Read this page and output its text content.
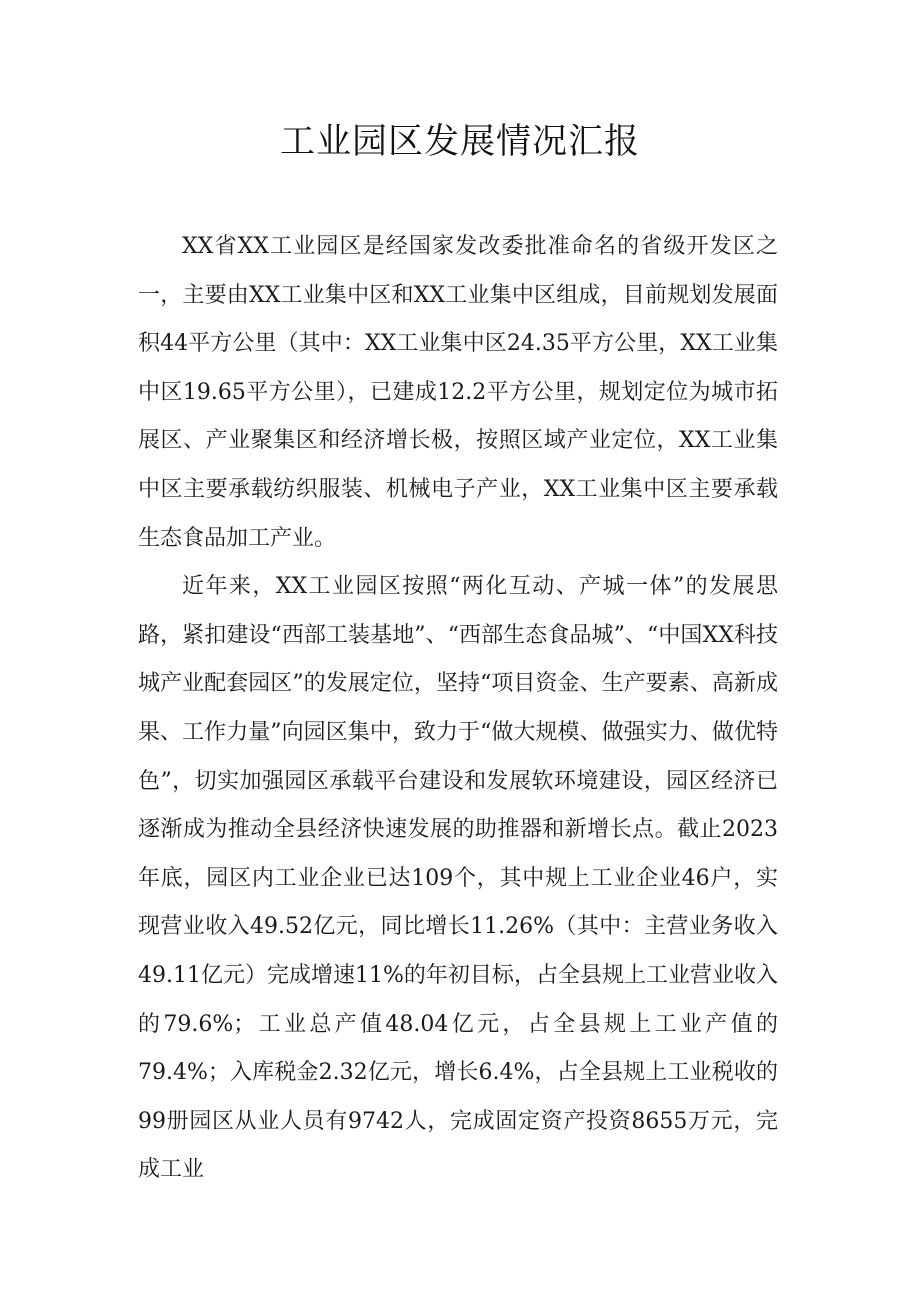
工业园区发展情况汇报

XX省XX工业园区是经国家发改委批准命名的省级开发区之一，主要由XX工业集中区和XX工业集中区组成，目前规划发展面积44平方公里（其中：XX工业集中区24.35平方公里，XX工业集中区19.65平方公里），已建成12.2平方公里，规划定位为城市拓展区、产业聚集区和经济增长极，按照区域产业定位，XX工业集中区主要承载纺织服装、机械电子产业，XX工业集中区主要承载生态食品加工产业。

近年来，XX工业园区按照“两化互动、产城一体”的发展思路，紧扣建设“西部工装基地”、“西部生态食品城”、“中国XX科技城产业配套园区”的发展定位，坚持“项目资金、生产要素、高新成果、工作力量”向园区集中，致力于“做大规模、做强实力、做优特色”，切实加强园区承载平台建设和发展软环境建设，园区经济已逐渐成为推动全县经济快速发展的助推器和新增长点。截止2023年底，园区内工业企业已达109个，其中规上工业企业46户，实现营业收入49.52亿元，同比增长11.26%（其中：主营业务收入49.11亿元）完成增速11%的年初目标，占全县规上工业营业收入的79.6%；工业总产值48.04亿元，占全县规上工业产值的79.4%；入库税金2.32亿元，增长6.4%，占全县规上工业税收的99册园区从业人员有9742人，完成固定资产投资8655万元，完成工业
